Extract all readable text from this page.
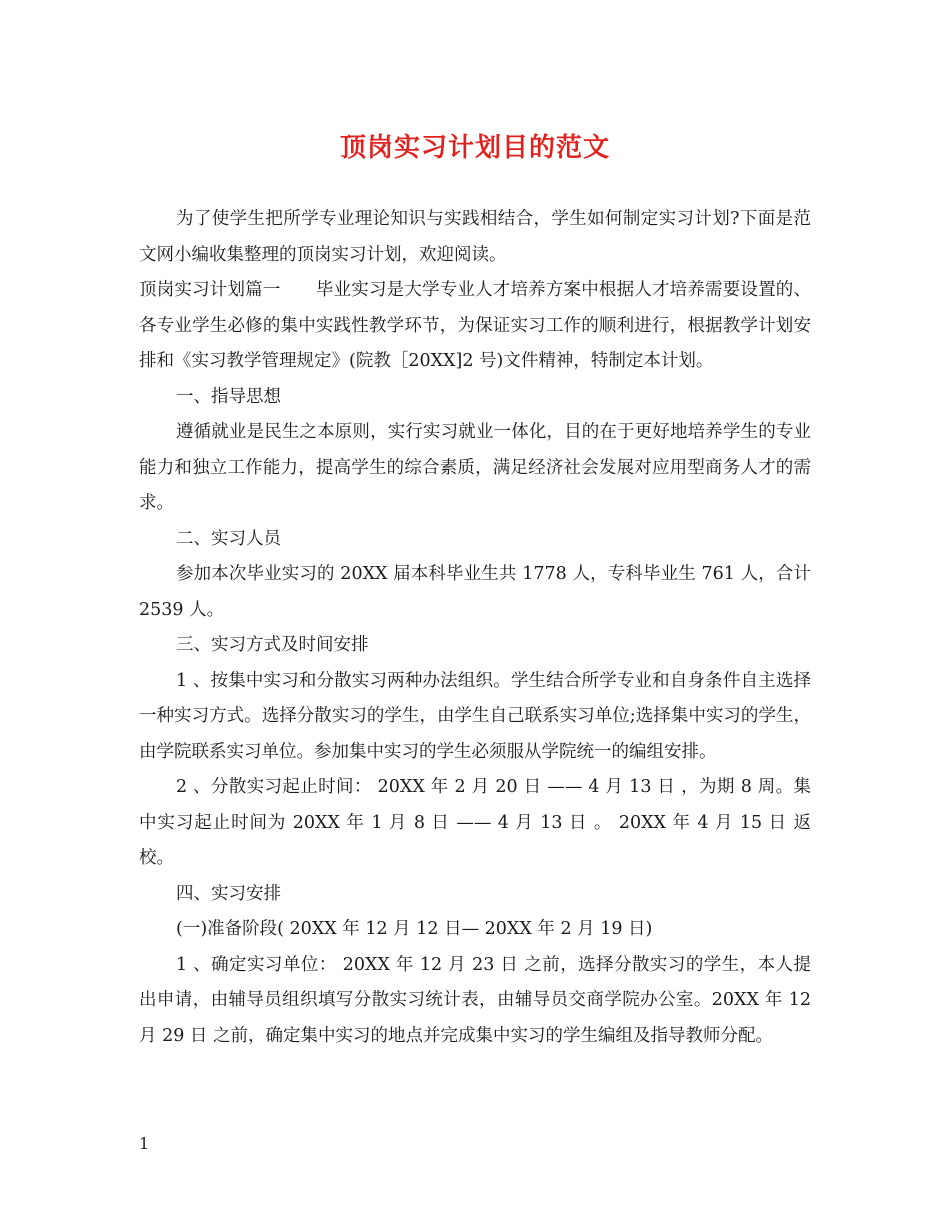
顶岗实习计划目的范文

为了使学生把所学专业理论知识与实践相结合，学生如何制定实习计划?下面是范文网小编收集整理的顶岗实习计划，欢迎阅读。

顶岗实习计划篇一　　毕业实习是大学专业人才培养方案中根据人才培养需要设置的、各专业学生必修的集中实践性教学环节，为保证实习工作的顺利进行，根据教学计划安排和《实习教学管理规定》(院教［20XX]2 号)文件精神，特制定本计划。

一、指导思想

遵循就业是民生之本原则，实行实习就业一体化，目的在于更好地培养学生的专业能力和独立工作能力，提高学生的综合素质，满足经济社会发展对应用型商务人才的需求。

二、实习人员

参加本次毕业实习的 20XX 届本科毕业生共 1778 人，专科毕业生 761 人，合计 2539 人。

三、实习方式及时间安排

1 、按集中实习和分散实习两种办法组织。学生结合所学专业和自身条件自主选择一种实习方式。选择分散实习的学生，由学生自己联系实习单位;选择集中实习的学生，由学院联系实习单位。参加集中实习的学生必须服从学院统一的编组安排。

2 、分散实习起止时间： 20XX 年 2 月 20 日 —— 4 月 13 日 ，为期 8 周。集中实习起止时间为 20XX 年 1 月 8 日 —— 4 月 13 日 。 20XX 年 4 月 15 日 返校。

四、实习安排

(一)准备阶段( 20XX 年 12 月 12 日— 20XX 年 2 月 19 日)

1 、确定实习单位： 20XX 年 12 月 23 日 之前，选择分散实习的学生，本人提出申请，由辅导员组织填写分散实习统计表，由辅导员交商学院办公室。20XX 年 12 月 29 日 之前，确定集中实习的地点并完成集中实习的学生编组及指导教师分配。

1
